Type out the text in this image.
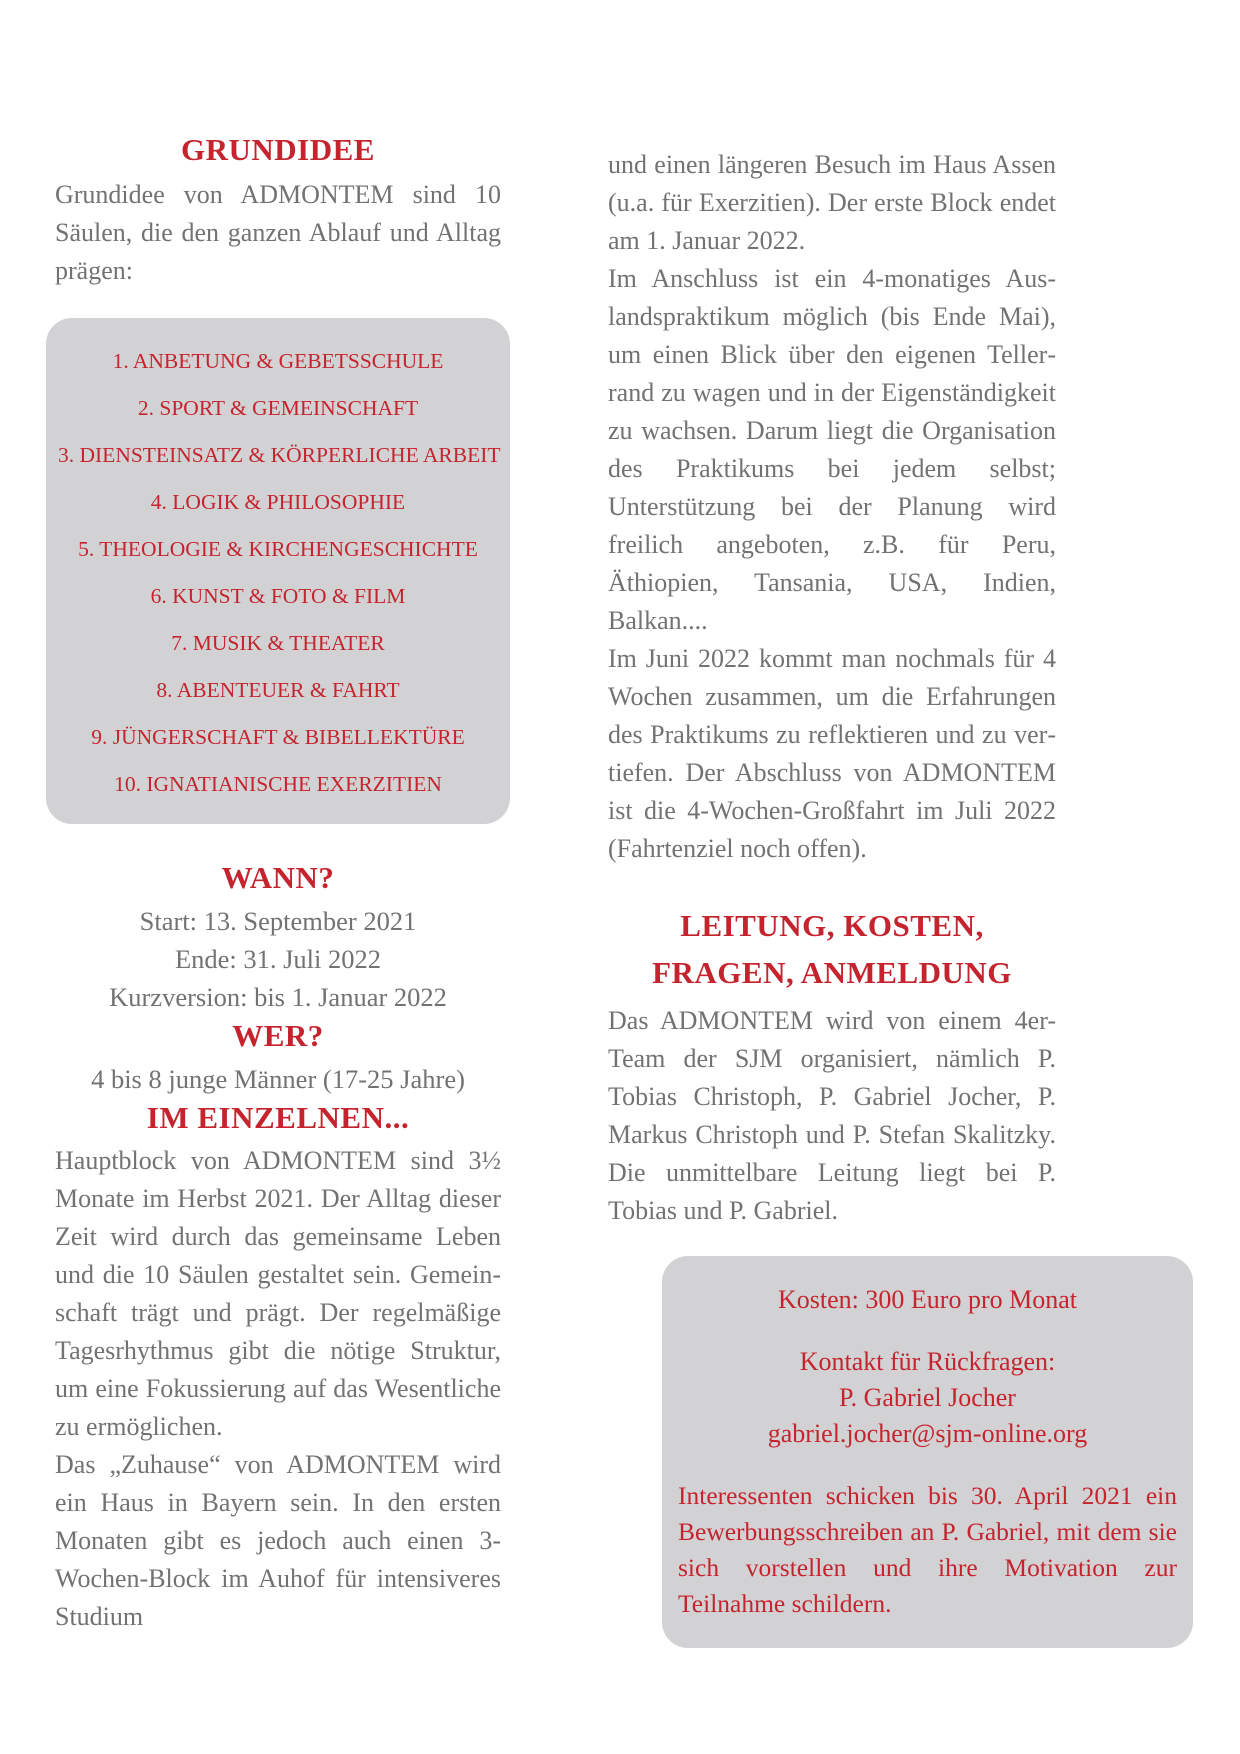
GRUNDIDEE

Grundidee von ADMONTEM sind 10 Säulen, die den ganzen Ablauf und Alltag prägen:

1. ANBETUNG & GEBETSSCHULE
2. SPORT & GEMEINSCHAFT
3. DIENSTEINSATZ & KÖRPERLICHE ARBEIT
4. LOGIK & PHILOSOPHIE
5. THEOLOGIE & KIRCHENGESCHICHTE
6. KUNST & FOTO & FILM
7. MUSIK & THEATER
8. ABENTEUER & FAHRT
9. JÜNGERSCHAFT & BIBELLEKTÜRE
10. IGNATIANISCHE EXERZITIEN
WANN?
Start: 13. September 2021
Ende: 31. Juli 2022
Kurzversion: bis 1. Januar 2022
WER?
4 bis 8 junge Männer (17-25 Jahre)
IM EINZELNEN...

Hauptblock von ADMONTEM sind 3½ Monate im Herbst 2021. Der Alltag dieser Zeit wird durch das gemeinsame Leben und die 10 Säulen gestaltet sein. Gemeinschaft trägt und prägt. Der regelmäßige Tagesrhythmus gibt die nötige Struktur, um eine Fokussierung auf das Wesentliche zu ermöglichen.

Das „Zuhause“ von ADMONTEM wird ein Haus in Bayern sein. In den ersten Monaten gibt es jedoch auch einen 3-Wochen-Block im Auhof für intensiveres Studium

und einen längeren Besuch im Haus Assen (u.a. für Exerzitien). Der erste Block endet am 1. Januar 2022.

Im Anschluss ist ein 4-monatiges Auslandspraktikum möglich (bis Ende Mai), um einen Blick über den eigenen Tellerrand zu wagen und in der Eigenständigkeit zu wachsen. Darum liegt die Organisation des Praktikums bei jedem selbst; Unterstützung bei der Planung wird freilich angeboten, z.B. für Peru, Äthiopien, Tansania, USA, Indien, Balkan....

Im Juni 2022 kommt man nochmals für 4 Wochen zusammen, um die Erfahrungen des Praktikums zu reflektieren und zu vertiefen. Der Abschluss von ADMONTEM ist die 4-Wochen-Großfahrt im Juli 2022 (Fahrtenziel noch offen).

LEITUNG, KOSTEN,
FRAGEN, ANMELDUNG

Das ADMONTEM wird von einem 4er-Team der SJM organisiert, nämlich P. Tobias Christoph, P. Gabriel Jocher, P. Markus Christoph und P. Stefan Skalitzky. Die unmittelbare Leitung liegt bei P. Tobias und P. Gabriel.

Kosten: 300 Euro pro Monat
Kontakt für Rückfragen:
P. Gabriel Jocher
gabriel.jocher@sjm-online.org

Interessenten schicken bis 30. April 2021 ein Bewerbungsschreiben an P. Gabriel, mit dem sie sich vorstellen und ihre Motivation zur Teilnahme schildern.
